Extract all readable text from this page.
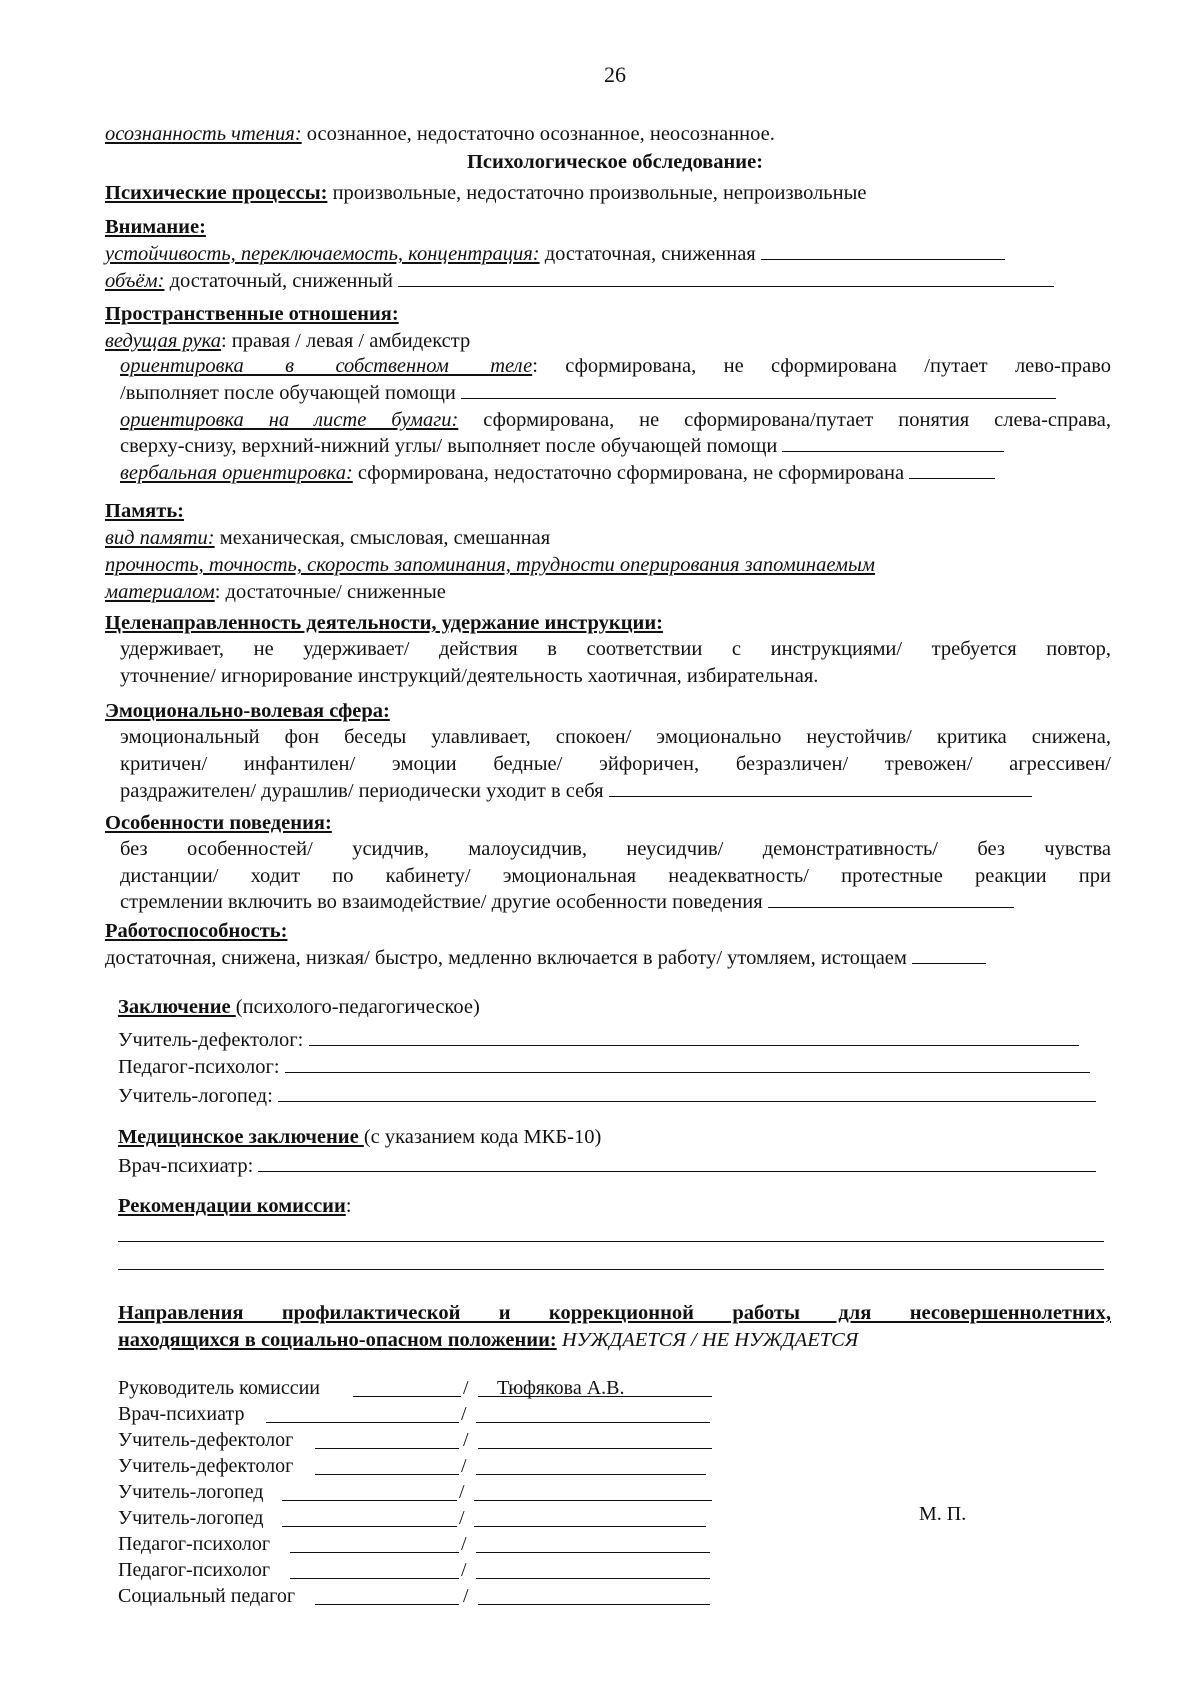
26
осознанность чтения: осознанное, недостаточно осознанное, неосознанное.
Психологическое обследование:
Психические процессы: произвольные, недостаточно произвольные, непроизвольные
Внимание:
устойчивость, переключаемость, концентрация: достаточная, сниженная
объём: достаточный, сниженный
Пространственные отношения:
ведущая рука: правая / левая / амбидекстр
ориентировка в собственном теле: сформирована, не сформирована /путает лево-право
/выполняет после обучающей помощи
ориентировка на листе бумаги: сформирована, не сформирована/путает понятия слева-справа,
сверху-снизу, верхний-нижний углы/ выполняет после обучающей помощи
вербальная ориентировка: сформирована, недостаточно сформирована, не сформирована
Память:
вид памяти: механическая, смысловая, смешанная
прочность, точность, скорость запоминания, трудности оперирования запоминаемым
материалом: достаточные/ сниженные
Целенаправленность деятельности, удержание инструкции:
удерживает, не удерживает/ действия в соответствии с инструкциями/ требуется повтор,
уточнение/ игнорирование инструкций/деятельность хаотичная, избирательная.
Эмоционально-волевая сфера:
эмоциональный фон беседы улавливает, спокоен/ эмоционально неустойчив/ критика снижена,
критичен/ инфантилен/ эмоции бедные/ эйфоричен, безразличен/ тревожен/ агрессивен/
раздражителен/ дурашлив/ периодически уходит в себя
Особенности поведения:
без особенностей/ усидчив, малоусидчив, неусидчив/ демонстративность/ без чувства
дистанции/ ходит по кабинету/ эмоциональная неадекватность/ протестные реакции при
стремлении включить во взаимодействие/ другие особенности поведения
Работоспособность:
достаточная, снижена, низкая/ быстро, медленно включается в работу/ утомляем, истощаем
Заключение (психолого-педагогическое)
Учитель-дефектолог:
Педагог-психолог:
Учитель-логопед:
Медицинское заключение (с указанием кода МКБ-10)
Врач-психиатр:
Рекомендации комиссии:
Направления профилактической и коррекционной работы для несовершеннолетних,
находящихся в социально-опасном положении: НУЖДАЕТСЯ / НЕ НУЖДАЕТСЯ
Руководитель комиссии	/ Тюфякова А.В.
Врач-психиатр	/
Учитель-дефектолог	/
Учитель-дефектолог	/
Учитель-логопед	/
Учитель-логопед	/
Педагог-психолог	/
Педагог-психолог	/
Социальный педагог	/
М. П.
